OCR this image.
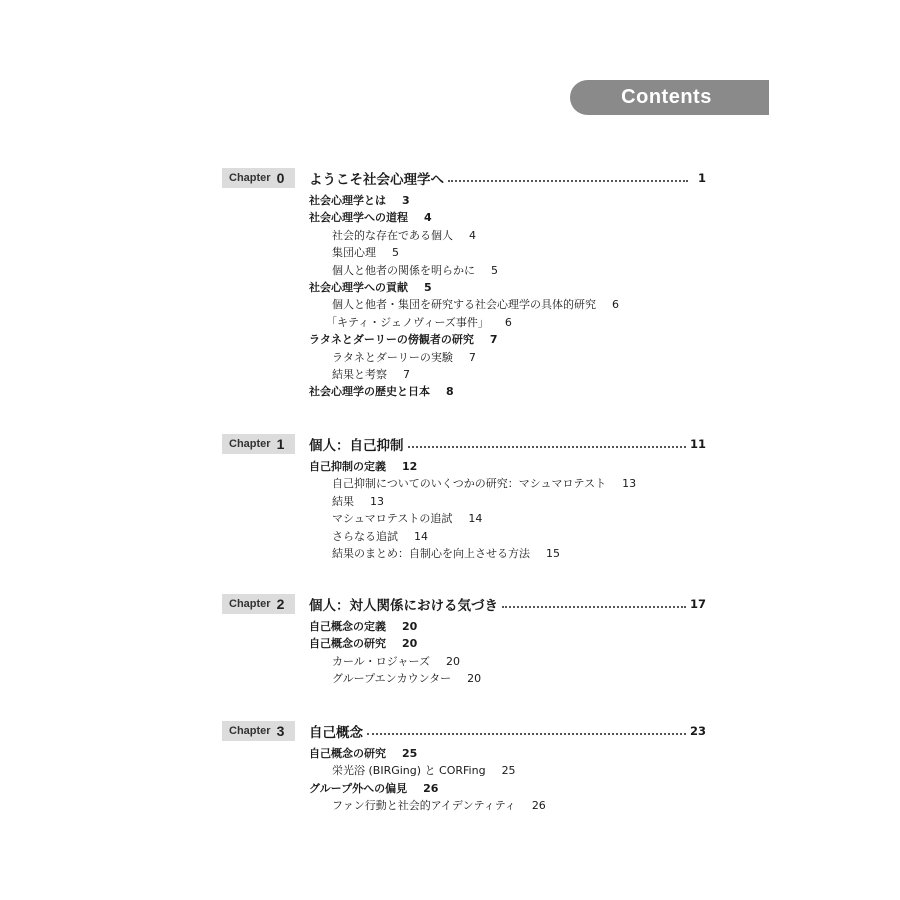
Contents
Chapter 0 ようこそ社会心理学へ	1
社会心理学とは 3
社会心理学への道程 4
社会的な存在である個人 4
集団心理 5
個人と他者の関係を明らかに 5
社会心理学への貢献 5
個人と他者・集団を研究する社会心理学の具体的研究 6
「キティ・ジェノヴィーズ事件」 6
ラタネとダーリーの傍観者の研究 7
ラタネとダーリーの実験 7
結果と考察 7
社会心理学の歴史と日本 8
Chapter 1 個人：自己抑制	11
自己抑制の定義 12
自己抑制についてのいくつかの研究：マシュマロテスト 13
結果 13
マシュマロテストの追試 14
さらなる追試 14
結果のまとめ：自制心を向上させる方法 15
Chapter 2 個人：対人関係における気づき	17
自己概念の定義 20
自己概念の研究 20
カール・ロジャーズ 20
グループエンカウンター 20
Chapter 3 自己概念	23
自己概念の研究 25
栄光浴 (BIRGing) と CORFing 25
グループ外への偏見 26
ファン行動と社会的アイデンティティ 26
